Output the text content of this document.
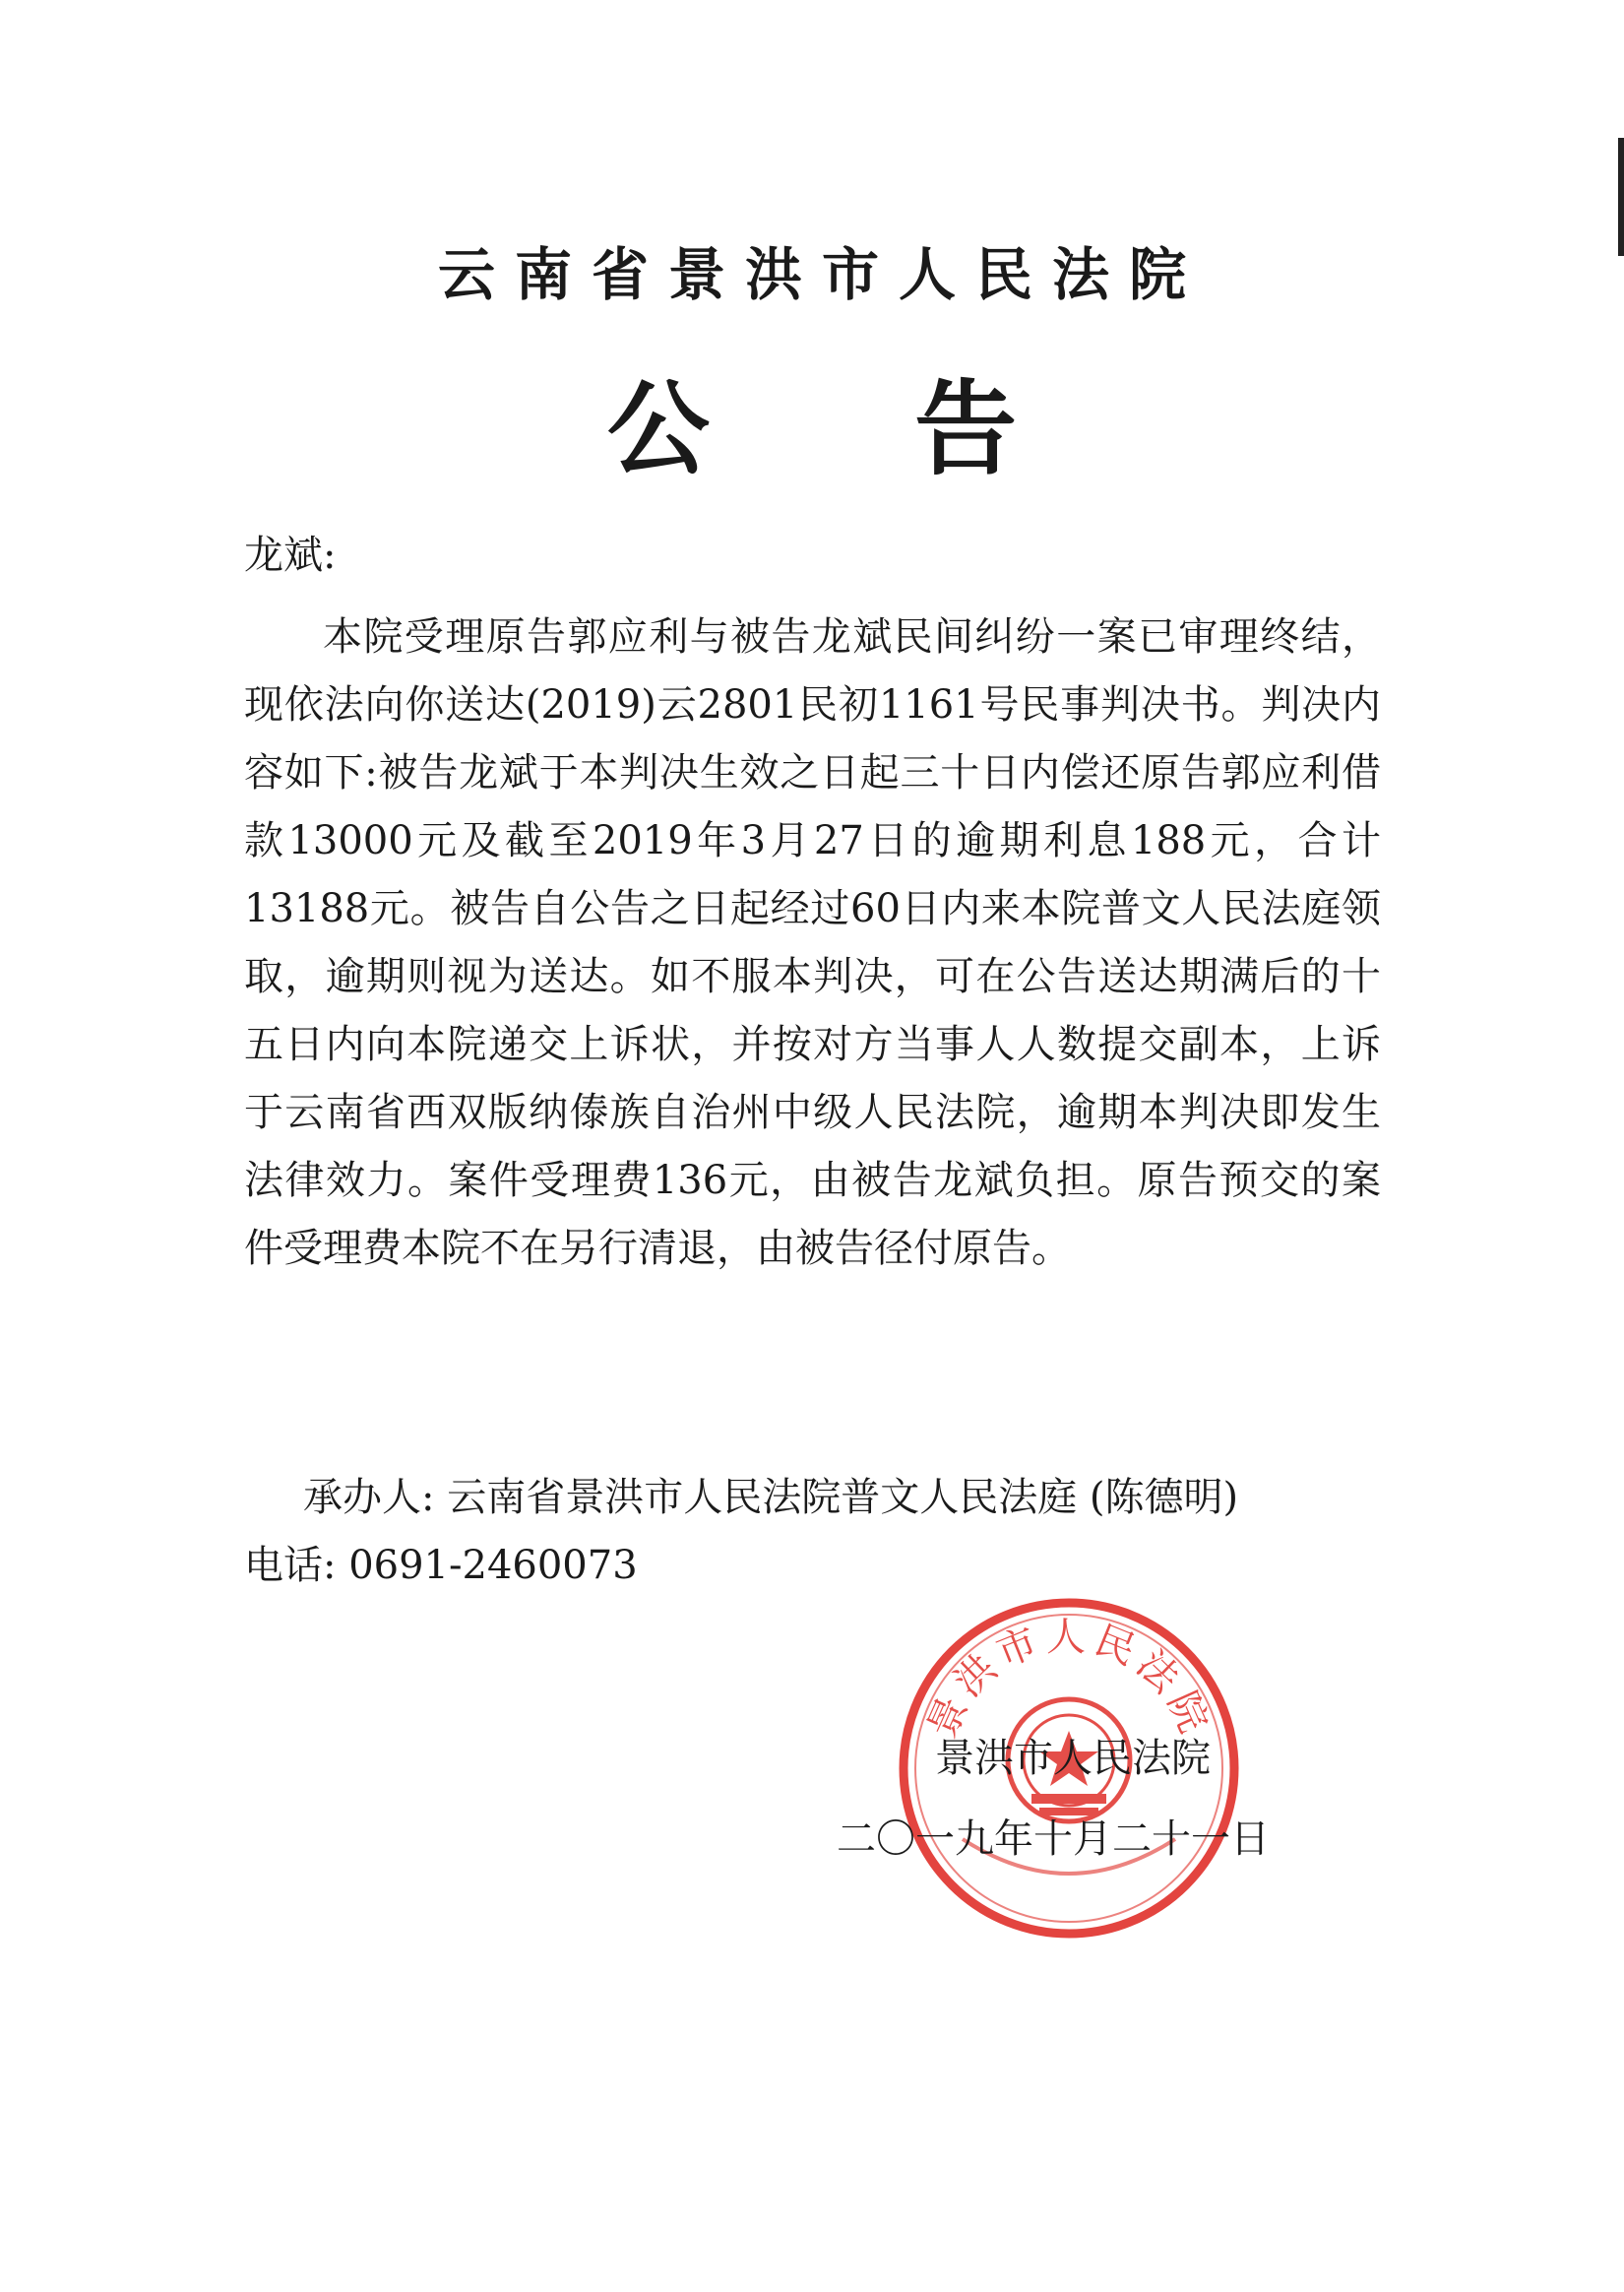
云南省景洪市人民法院
公 告
龙斌:
本院受理原告郭应利与被告龙斌民间纠纷一案已审理终结，现依法向你送达(2019)云2801民初1161号民事判决书。判决内容如下:被告龙斌于本判决生效之日起三十日内偿还原告郭应利借款13000元及截至2019年3月27日的逾期利息188元，合计13188元。被告自公告之日起经过60日内来本院普文人民法庭领取，逾期则视为送达。如不服本判决，可在公告送达期满后的十五日内向本院递交上诉状，并按对方当事人人数提交副本，上诉于云南省西双版纳傣族自治州中级人民法院，逾期本判决即发生法律效力。案件受理费136元，由被告龙斌负担。原告预交的案件受理费本院不在另行清退，由被告径付原告。
承办人: 云南省景洪市人民法院普文人民法庭 (陈德明)
电话: 0691-2460073
景洪市人民法院
景洪市人民法院
二〇一九年十月二十一日
